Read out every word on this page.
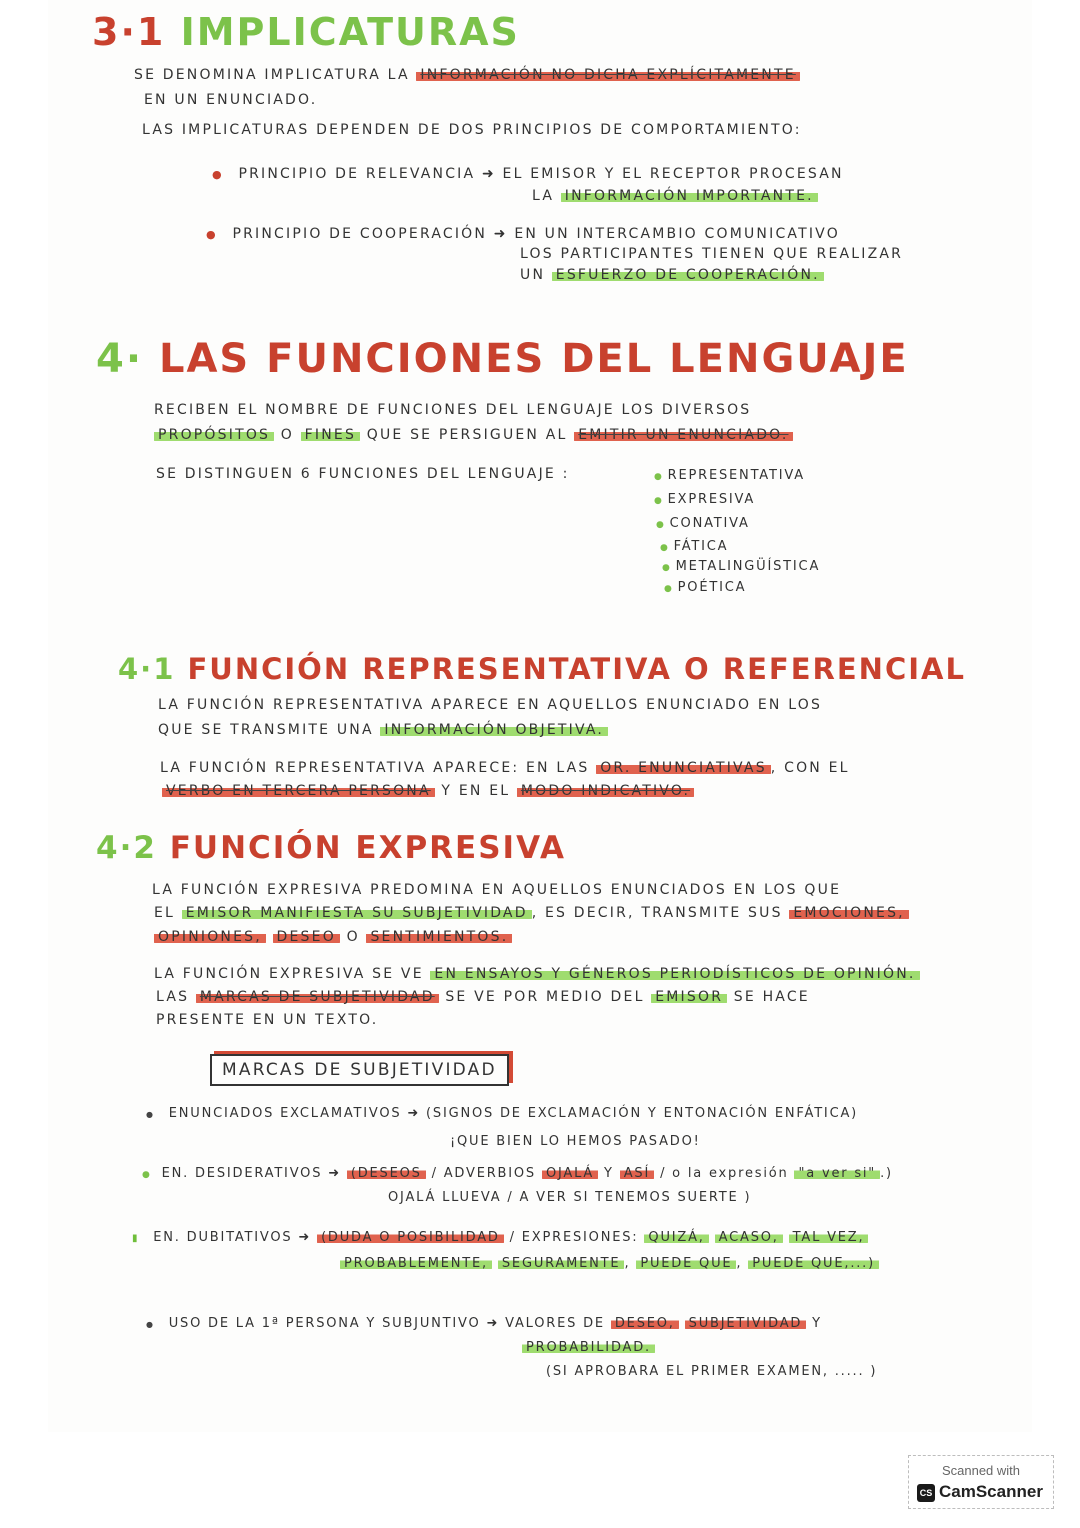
3·1 IMPLICATURAS
SE DENOMINA IMPLICATURA LA INFORMACIÓN NO DICHA EXPLÍCITAMENTE
EN UN ENUNCIADO.
LAS IMPLICATURAS DEPENDEN DE DOS PRINCIPIOS DE COMPORTAMIENTO:
● PRINCIPIO DE RELEVANCIA ➜ EL EMISOR Y EL RECEPTOR PROCESAN
LA INFORMACIÓN IMPORTANTE.
● PRINCIPIO DE COOPERACIÓN ➜ EN UN INTERCAMBIO COMUNICATIVO
LOS PARTICIPANTES TIENEN QUE REALIZAR
UN ESFUERZO DE COOPERACIÓN.
4· LAS FUNCIONES DEL LENGUAJE
RECIBEN EL NOMBRE DE FUNCIONES DEL LENGUAJE LOS DIVERSOS
PROPÓSITOS O FINES QUE SE PERSIGUEN AL EMITIR UN ENUNCIADO.
SE DISTINGUEN 6 FUNCIONES DEL LENGUAJE :
●	REPRESENTATIVA
● EXPRESIVA
● CONATIVA
● FÁTICA
● METALINGÜÍSTICA
● POÉTICA
4·1 FUNCIÓN REPRESENTATIVA O REFERENCIAL
LA FUNCIÓN REPRESENTATIVA APARECE EN AQUELLOS ENUNCIADO EN LOS
QUE SE TRANSMITE UNA INFORMACIÓN OBJETIVA.
LA FUNCIÓN REPRESENTATIVA APARECE: EN LAS OR. ENUNCIATIVAS , CON EL
VERBO EN TERCERA PERSONA Y EN EL MODO INDICATIVO.
4·2 FUNCIÓN EXPRESIVA
LA FUNCIÓN EXPRESIVA PREDOMINA EN AQUELLOS ENUNCIADOS EN LOS QUE
EL EMISOR MANIFIESTA SU SUBJETIVIDAD , ES DECIR, TRANSMITE SUS EMOCIONES,
OPINIONES, DESEO O SENTIMIENTOS.
LA FUNCIÓN EXPRESIVA SE VE EN ENSAYOS Y GÉNEROS PERIODÍSTICOS DE OPINIÓN.
LAS MARCAS DE SUBJETIVIDAD SE VE POR MEDIO DEL EMISOR SE HACE
PRESENTE EN UN TEXTO.
MARCAS DE SUBJETIVIDAD
● ENUNCIADOS EXCLAMATIVOS ➜ (SIGNOS DE EXCLAMACIÓN Y ENTONACIÓN ENFÁTICA)
¡QUE BIEN LO HEMOS PASADO!
● EN. DESIDERATIVOS ➜ (DESEOS / ADVERBIOS OJALÁ Y ASÍ / o la expresión "a ver si" .)
OJALÁ LLUEVA / A VER SI TENEMOS SUERTE )
▮ EN. DUBITATIVOS ➜ (DUDA O POSIBILIDAD / EXPRESIONES: QUIZÁ, ACASO, TAL VEZ,
PROBABLEMENTE, SEGURAMENTE , PUEDE QUE , PUEDE QUE,...)
● USO DE LA 1ª PERSONA Y SUBJUNTIVO ➜ VALORES DE DESEO, SUBJETIVIDAD Y
PROBABILIDAD.
(SI APROBARA EL PRIMER EXAMEN, ..... )
Scanned with
CS CamScanner
